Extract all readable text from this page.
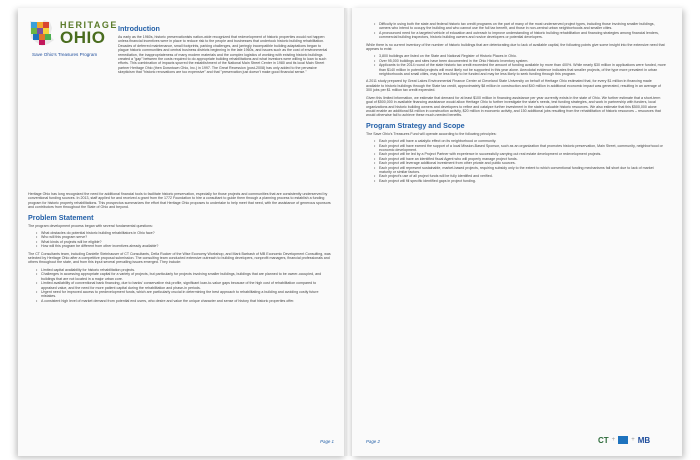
HERITAGE
OHIO
Save Ohio's Treasures Program
Introduction

As early as the 1960s, historic preservationists nation-wide recognized that redevelopment of historic properties would not happen unless financial incentives were in place to reduce risk to the people and businesses that undertook historic building rehabilitation. Decades of deferred maintenance, small footprints, parking challenges, and jarringly incompatible building adaptations began to plague historic communities and central business districts beginning in the late 1960s, and issues such as the cost of environmental remediation, the inappropriateness of many modern materials and the complex logistics of working with existing historic buildings created a "gap" between the costs required to do appropriate building rehabilitations and what investors were willing to loan to such efforts. This combination of impacts spurred the establishment of the National Main Street Center in 1980 and its local Main Street partner Heritage Ohio (then Downtown Ohio, Inc.) in 1997. The Great Recession (post-2008) has only added to the pervasive skepticism that "historic renovations are too expensive" and that "preservation just doesn't make good financial sense."

Heritage Ohio has long recognized the need for additional financial tools to facilitate historic preservation, especially for those projects and communities that are consistently underserved by conventional funding sources. In 2013, staff applied for and received a grant from the 1772 Foundation to hire a consultant to guide them through a planning process to establish a funding program for historic property rehabilitations. This prospectus summarizes the effort that Heritage Ohio proposes to undertake to help meet that need, with the assistance of generous sponsors and contributors from throughout the State of Ohio and beyond.

Problem Statement

The program development process began with several fundamental questions:

• What obstacles do potential historic building rehabilitators in Ohio face?
• Who will this program serve?
• What kinds of projects will be eligible?
• How will this program be different from other incentives already available?

The CT Consultants team, including Danielle Steinhauser of CT Consultants, Della Rucker of the Wise Economy Workshop, and Mark Barbash of MB Economic Development Consulting, was selected by Heritage Ohio after a competitive proposal submission. The consulting team conducted extensive outreach to building developers, nonprofit managers, financial professionals and others throughout the state, and from this input several prevailing issues emerged. They include:

• Limited capital availability for historic rehabilitation projects.
• Challenges in accessing appropriate capital for a variety of projects, but particularly for projects involving smaller buildings, buildings that are planned to be owner-occupied, and buildings that are not located in a major urban core.
• Limited availability of conventional bank financing, due to banks' conservative risk profile, significant loan-to-value gaps because of the high cost of rehabilitation compared to appraised value, and the need for more patient capital during the rehabilitation and phase-in periods.
• Urgent need for improved access to predevelopment funds, which are particularly crucial in determining the best approach to rehabilitating a building and avoiding costly future mistakes.
• A consistent high level of market demand from potential end users, who desire and value the unique character and sense of history that historic properties offer.
Page 1
• Difficulty in using both the state and federal historic tax credit programs on the part of many of the most underserved project types, including those involving smaller buildings, owners who intend to occupy the building and who cannot use the full tax benefit, and those in non-central urban neighborhoods and smaller cities.
• A pronounced need for a targeted vehicle of education and outreach to improve understanding of historic building rehabilitation and financing strategies among financial lenders, commercial building inspectors, historic building owners and novice developers or potential developers.

While there is no current inventory of the number of historic buildings that are deteriorating due to lack of available capital, the following points give some insight into the extensive need that appears to exist:

• 3,800 buildings are listed on the State and National Register of Historic Places in Ohio.
• Over 95,000 buildings and sites have been documented in the Ohio Historic Inventory system.
• Applicants to the 2014 round of the state historic tax credit exceeded the amount of funding available by more than 400%. While nearly $30 million in applications were funded, more than $140 million in potential projects will most likely not be supported in this year alone. Anecdotal evidence indicates that smaller projects, of the type more prevalent in urban neighborhoods and small cities, may be less likely to be funded and may be less likely to seek funding through this program.

A 2011 study prepared by Great Lakes Environmental Finance Center at Cleveland State University on behalf of Heritage Ohio estimated that, for every $1 million in financing made available to historic buildings through the State tax credit, approximately $8 million in construction and $40 million in additional economic impact was generated, resulting in an average of 300 jobs per $1 million tax credit expended.

Given this limited information, we estimate that demand for at least $100 million in financing assistance per year currently exists in the state of Ohio. We further estimate that a short-term goal of $500,000 in available financing assistance would allow Heritage Ohio to further investigate the state's needs, test funding strategies, and work in partnership with funders, local organizations and historic building owners and developers to refine and catalyze further investment in the state's valuable historic resources. We also estimate that this $500,000 alone would enable an additional $4 million in construction activity, $20 million in economic activity, and 150 additional jobs resulting from the rehabilitation of historic resources – resources that would otherwise fail to achieve these much-needed benefits.

Program Strategy and Scope

The Save Ohio's Treasures Fund will operate according to the following principles:

• Each project will have a catalytic effect on its neighborhood or community.
• Each project will have earned the support of a local Mission-Based Sponsor, such as an organization that promotes historic preservation, Main Street, community, neighborhood or economic development.
• Each project will be led by a Project Partner with experience in successfully carrying out real estate development or redevelopment projects.
• Each project will have an identified fiscal Agent who will properly manage project funds.
• Each project will leverage additional investment from other private and public sources.
• Each project will represent sustainable, market-based projects, requiring subsidy only to the extent to which conventional funding mechanisms fall short due to lack of market maturity or similar factors.
• Each project's use of all project funds will be fully identified and verified.
• Each project will fill specific identified gaps in project funding.
Page 2	CT +	+ MB
